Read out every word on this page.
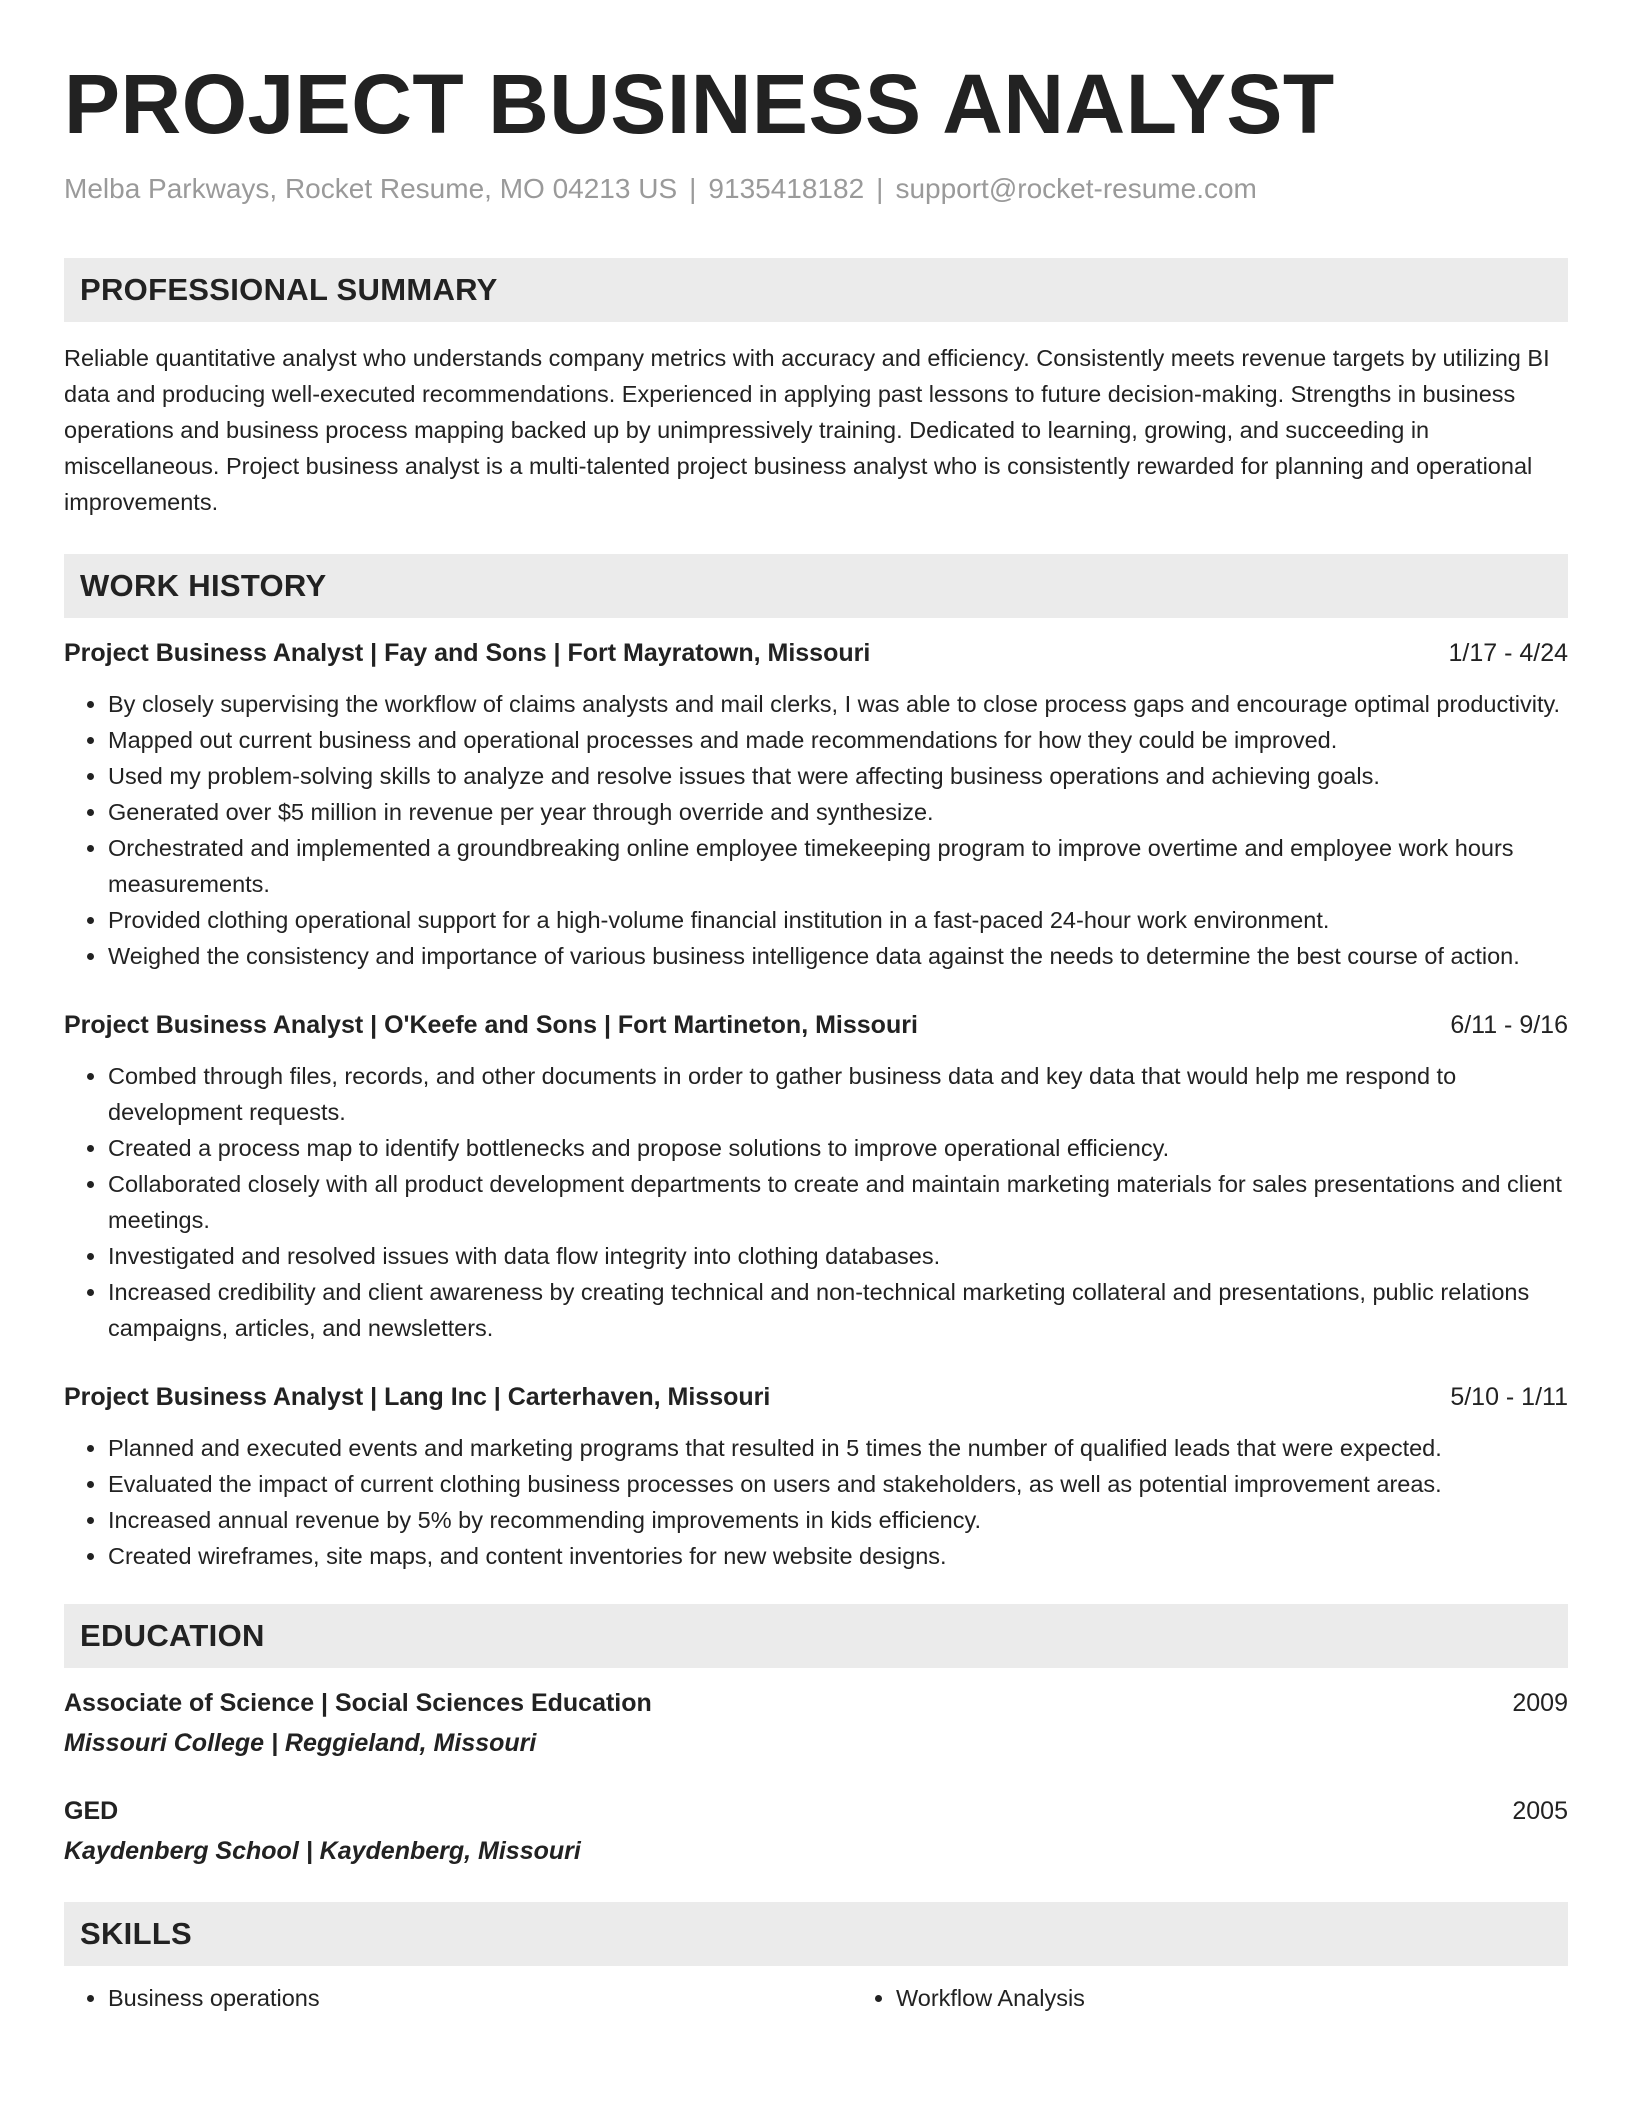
PROJECT BUSINESS ANALYST
Melba Parkways, Rocket Resume, MO 04213 US | 9135418182 | support@rocket-resume.com
PROFESSIONAL SUMMARY

Reliable quantitative analyst who understands company metrics with accuracy and efficiency. Consistently meets revenue targets by utilizing BI data and producing well-executed recommendations. Experienced in applying past lessons to future decision-making. Strengths in business operations and business process mapping backed up by unimpressively training. Dedicated to learning, growing, and succeeding in miscellaneous. Project business analyst is a multi-talented project business analyst who is consistently rewarded for planning and operational improvements.

WORK HISTORY
Project Business Analyst | Fay and Sons | Fort Mayratown, Missouri	1/17 - 4/24
• By closely supervising the workflow of claims analysts and mail clerks, I was able to close process gaps and encourage optimal productivity.
• Mapped out current business and operational processes and made recommendations for how they could be improved.
• Used my problem-solving skills to analyze and resolve issues that were affecting business operations and achieving goals.
• Generated over $5 million in revenue per year through override and synthesize.
• Orchestrated and implemented a groundbreaking online employee timekeeping program to improve overtime and employee work hours measurements.
• Provided clothing operational support for a high-volume financial institution in a fast-paced 24-hour work environment.
• Weighed the consistency and importance of various business intelligence data against the needs to determine the best course of action.
Project Business Analyst | O'Keefe and Sons | Fort Martineton, Missouri	6/11 - 9/16
• Combed through files, records, and other documents in order to gather business data and key data that would help me respond to development requests.
• Created a process map to identify bottlenecks and propose solutions to improve operational efficiency.
• Collaborated closely with all product development departments to create and maintain marketing materials for sales presentations and client meetings.
• Investigated and resolved issues with data flow integrity into clothing databases.
• Increased credibility and client awareness by creating technical and non-technical marketing collateral and presentations, public relations campaigns, articles, and newsletters.
Project Business Analyst | Lang Inc | Carterhaven, Missouri	5/10 - 1/11
• Planned and executed events and marketing programs that resulted in 5 times the number of qualified leads that were expected.
• Evaluated the impact of current clothing business processes on users and stakeholders, as well as potential improvement areas.
• Increased annual revenue by 5% by recommending improvements in kids efficiency.
• Created wireframes, site maps, and content inventories for new website designs.
EDUCATION
Associate of Science | Social Sciences Education	2009
Missouri College | Reggieland, Missouri
GED	2005
Kaydenberg School | Kaydenberg, Missouri
SKILLS
• Business operations
•	Workflow Analysis
